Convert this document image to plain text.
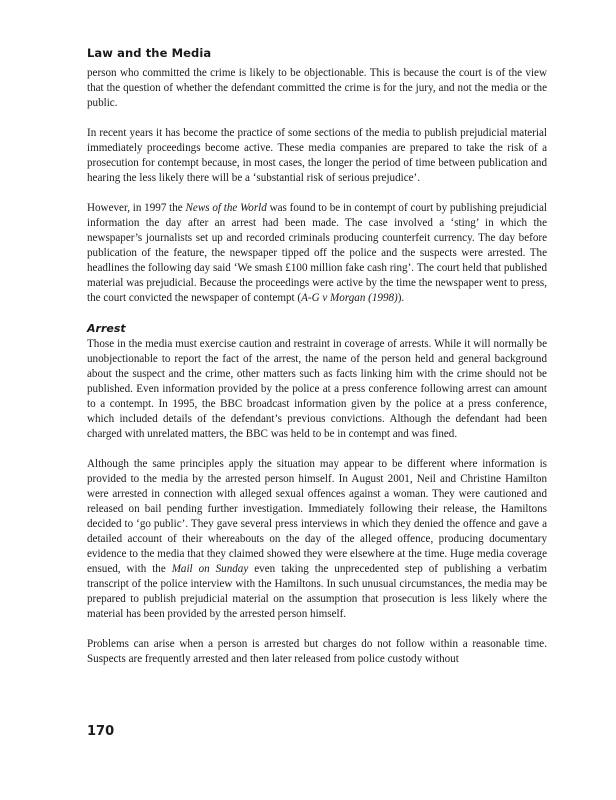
Law and the Media

person who committed the crime is likely to be objectionable. This is because the court is of the view that the question of whether the defendant committed the crime is for the jury, and not the media or the public.

In recent years it has become the practice of some sections of the media to publish prejudicial material immediately proceedings become active. These media companies are prepared to take the risk of a prosecution for contempt because, in most cases, the longer the period of time between publication and hearing the less likely there will be a ‘substantial risk of serious prejudice’.

However, in 1997 the News of the World was found to be in contempt of court by publishing prejudicial information the day after an arrest had been made. The case involved a ‘sting’ in which the newspaper’s journalists set up and recorded criminals producing counterfeit currency. The day before publication of the feature, the newspaper tipped off the police and the suspects were arrested. The headlines the following day said ‘We smash £100 million fake cash ring’. The court held that published material was prejudicial. Because the proceedings were active by the time the newspaper went to press, the court convicted the newspaper of contempt (A-G v Morgan (1998)).

Arrest

Those in the media must exercise caution and restraint in coverage of arrests. While it will normally be unobjectionable to report the fact of the arrest, the name of the person held and general background about the suspect and the crime, other matters such as facts linking him with the crime should not be published. Even information provided by the police at a press conference following arrest can amount to a contempt. In 1995, the BBC broadcast information given by the police at a press conference, which included details of the defendant’s previous convictions. Although the defendant had been charged with unrelated matters, the BBC was held to be in contempt and was fined.

Although the same principles apply the situation may appear to be different where information is provided to the media by the arrested person himself. In August 2001, Neil and Christine Hamilton were arrested in connection with alleged sexual offences against a woman. They were cautioned and released on bail pending further investigation. Immediately following their release, the Hamiltons decided to ‘go public’. They gave several press interviews in which they denied the offence and gave a detailed account of their whereabouts on the day of the alleged offence, producing documentary evidence to the media that they claimed showed they were elsewhere at the time. Huge media coverage ensued, with the Mail on Sunday even taking the unprecedented step of publishing a verbatim transcript of the police interview with the Hamiltons. In such unusual circumstances, the media may be prepared to publish prejudicial material on the assumption that prosecution is less likely where the material has been provided by the arrested person himself.

Problems can arise when a person is arrested but charges do not follow within a reasonable time. Suspects are frequently arrested and then later released from police custody without

170
